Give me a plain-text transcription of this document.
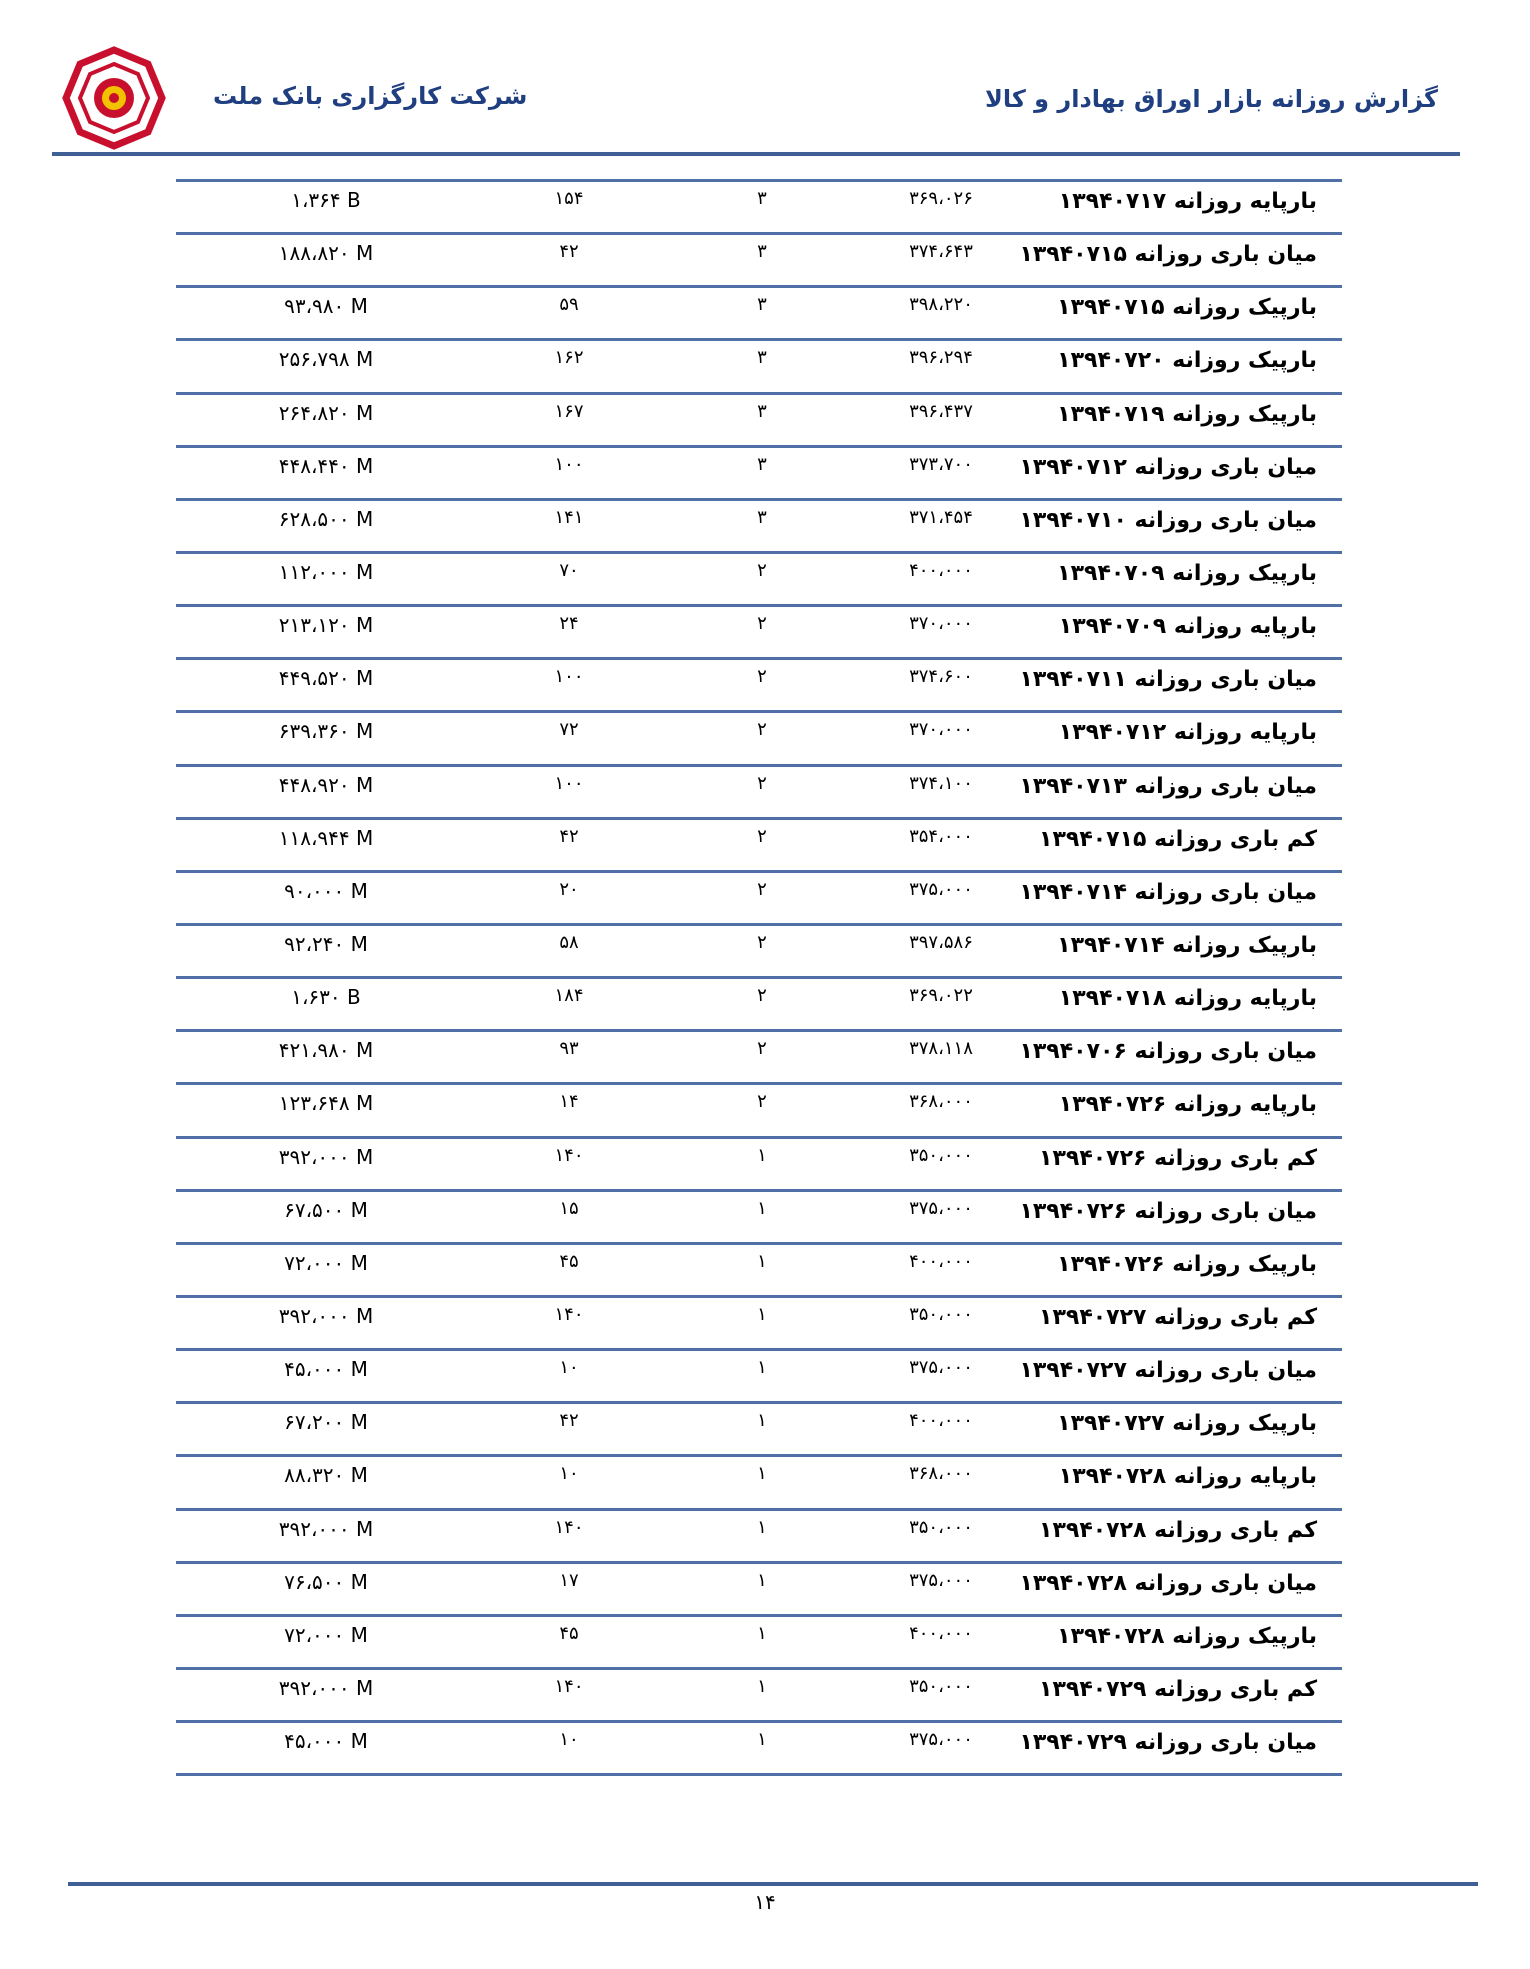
شرکت کارگزاری بانک ملت	گزارش روزانه بازار اوراق بهادار و کالا
بارپایه روزانه ۱۳۹۴۰۷۱۷
۳۶۹،۰۲۶
۳
۱۵۴
۱،۳۶۴ B
میان باری روزانه ۱۳۹۴۰۷۱۵
۳۷۴،۶۴۳
۳
۴۲
۱۸۸،۸۲۰ M
بارپیک روزانه ۱۳۹۴۰۷۱۵
۳۹۸،۲۲۰
۳
۵۹
۹۳،۹۸۰ M
بارپیک روزانه ۱۳۹۴۰۷۲۰
۳۹۶،۲۹۴
۳
۱۶۲
۲۵۶،۷۹۸ M
بارپیک روزانه ۱۳۹۴۰۷۱۹
۳۹۶،۴۳۷
۳
۱۶۷
۲۶۴،۸۲۰ M
میان باری روزانه ۱۳۹۴۰۷۱۲
۳۷۳،۷۰۰
۳
۱۰۰
۴۴۸،۴۴۰ M
میان باری روزانه ۱۳۹۴۰۷۱۰
۳۷۱،۴۵۴
۳
۱۴۱
۶۲۸،۵۰۰ M
بارپیک روزانه ۱۳۹۴۰۷۰۹
۴۰۰،۰۰۰
۲
۷۰
۱۱۲،۰۰۰ M
بارپایه روزانه ۱۳۹۴۰۷۰۹
۳۷۰،۰۰۰
۲
۲۴
۲۱۳،۱۲۰ M
میان باری روزانه ۱۳۹۴۰۷۱۱
۳۷۴،۶۰۰
۲
۱۰۰
۴۴۹،۵۲۰ M
بارپایه روزانه ۱۳۹۴۰۷۱۲
۳۷۰،۰۰۰
۲
۷۲
۶۳۹،۳۶۰ M
میان باری روزانه ۱۳۹۴۰۷۱۳
۳۷۴،۱۰۰
۲
۱۰۰
۴۴۸،۹۲۰ M
کم باری روزانه ۱۳۹۴۰۷۱۵
۳۵۴،۰۰۰
۲
۴۲
۱۱۸،۹۴۴ M
میان باری روزانه ۱۳۹۴۰۷۱۴
۳۷۵،۰۰۰
۲
۲۰
۹۰،۰۰۰ M
بارپیک روزانه ۱۳۹۴۰۷۱۴
۳۹۷،۵۸۶
۲
۵۸
۹۲،۲۴۰ M
بارپایه روزانه ۱۳۹۴۰۷۱۸
۳۶۹،۰۲۲
۲
۱۸۴
۱،۶۳۰ B
میان باری روزانه ۱۳۹۴۰۷۰۶
۳۷۸،۱۱۸
۲
۹۳
۴۲۱،۹۸۰ M
بارپایه روزانه ۱۳۹۴۰۷۲۶
۳۶۸،۰۰۰
۲
۱۴
۱۲۳،۶۴۸ M
کم باری روزانه ۱۳۹۴۰۷۲۶
۳۵۰،۰۰۰
۱
۱۴۰
۳۹۲،۰۰۰ M
میان باری روزانه ۱۳۹۴۰۷۲۶
۳۷۵،۰۰۰
۱
۱۵
۶۷،۵۰۰ M
بارپیک روزانه ۱۳۹۴۰۷۲۶
۴۰۰،۰۰۰
۱
۴۵
۷۲،۰۰۰ M
کم باری روزانه ۱۳۹۴۰۷۲۷
۳۵۰،۰۰۰
۱
۱۴۰
۳۹۲،۰۰۰ M
میان باری روزانه ۱۳۹۴۰۷۲۷
۳۷۵،۰۰۰
۱
۱۰
۴۵،۰۰۰ M
بارپیک روزانه ۱۳۹۴۰۷۲۷
۴۰۰،۰۰۰
۱
۴۲
۶۷،۲۰۰ M
بارپایه روزانه ۱۳۹۴۰۷۲۸
۳۶۸،۰۰۰
۱
۱۰
۸۸،۳۲۰ M
کم باری روزانه ۱۳۹۴۰۷۲۸
۳۵۰،۰۰۰
۱
۱۴۰
۳۹۲،۰۰۰ M
میان باری روزانه ۱۳۹۴۰۷۲۸
۳۷۵،۰۰۰
۱
۱۷
۷۶،۵۰۰ M
بارپیک روزانه ۱۳۹۴۰۷۲۸
۴۰۰،۰۰۰
۱
۴۵
۷۲،۰۰۰ M
کم باری روزانه ۱۳۹۴۰۷۲۹
۳۵۰،۰۰۰
۱
۱۴۰
۳۹۲،۰۰۰ M
میان باری روزانه ۱۳۹۴۰۷۲۹
۳۷۵،۰۰۰
۱
۱۰
۴۵،۰۰۰ M
۱۴
